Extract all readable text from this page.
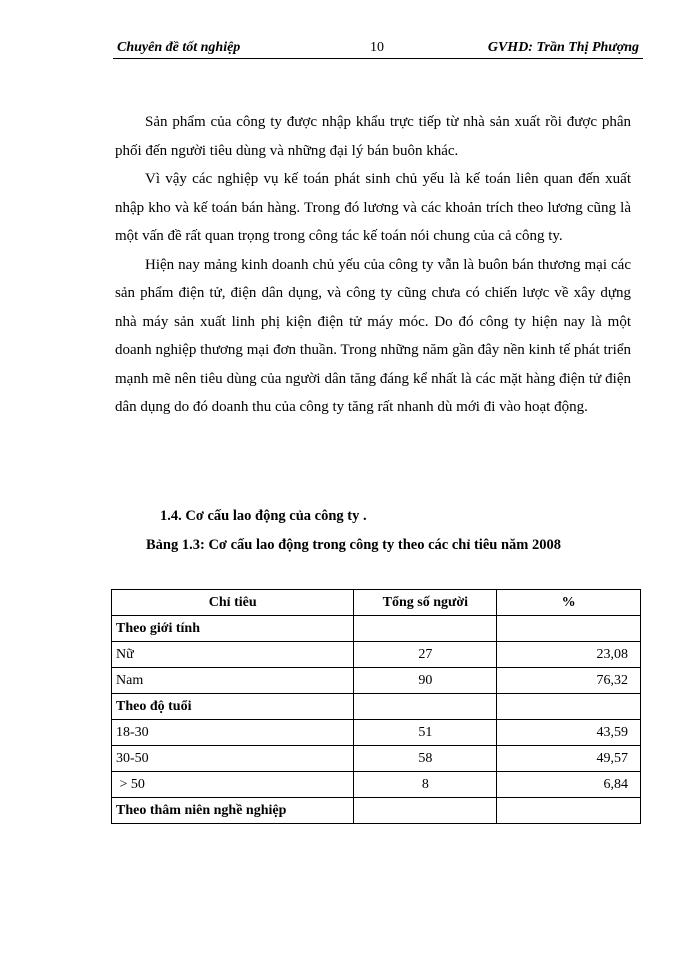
Chuyên đề tốt nghiệp	10	GVHD: Trần Thị Phượng

Sản phẩm của công ty được nhập khẩu trực tiếp từ nhà sản xuất rồi được phân phối đến người tiêu dùng và những đại lý bán buôn khác.

Vì vậy các nghiệp vụ kế toán phát sinh chủ yếu là kế toán liên quan đến xuất nhập kho và kế toán bán hàng. Trong đó lương và các khoản trích theo lương cũng là một vấn đề rất quan trọng trong công tác kế toán nói chung của cả công ty.

Hiện nay mảng kinh doanh chủ yếu của công ty vẫn là buôn bán thương mại các sản phẩm điện tử, điện dân dụng, và công ty cũng chưa có chiến lược về xây dựng nhà máy sản xuất linh phị kiện điện tử máy móc. Do đó công ty hiện nay là một doanh nghiệp thương mại đơn thuần. Trong những năm gần đây nền kinh tế phát triển mạnh mẽ nên tiêu dùng của người dân tăng đáng kể nhất là các mặt hàng điện tử điện dân dụng do đó doanh thu của công ty tăng rất nhanh dù mới đi vào hoạt động.

1.4. Cơ cấu lao động của công ty .
Bảng 1.3: Cơ cấu lao động trong công ty theo các chỉ tiêu năm 2008
Chỉ tiêu	Tổng số người	%
Theo giới tính		
Nữ	27	23,08
Nam	90	76,32
Theo độ tuổi		
18-30	51	43,59
30-50	58	49,57
> 50	8	6,84
Theo thâm niên nghề nghiệp		
